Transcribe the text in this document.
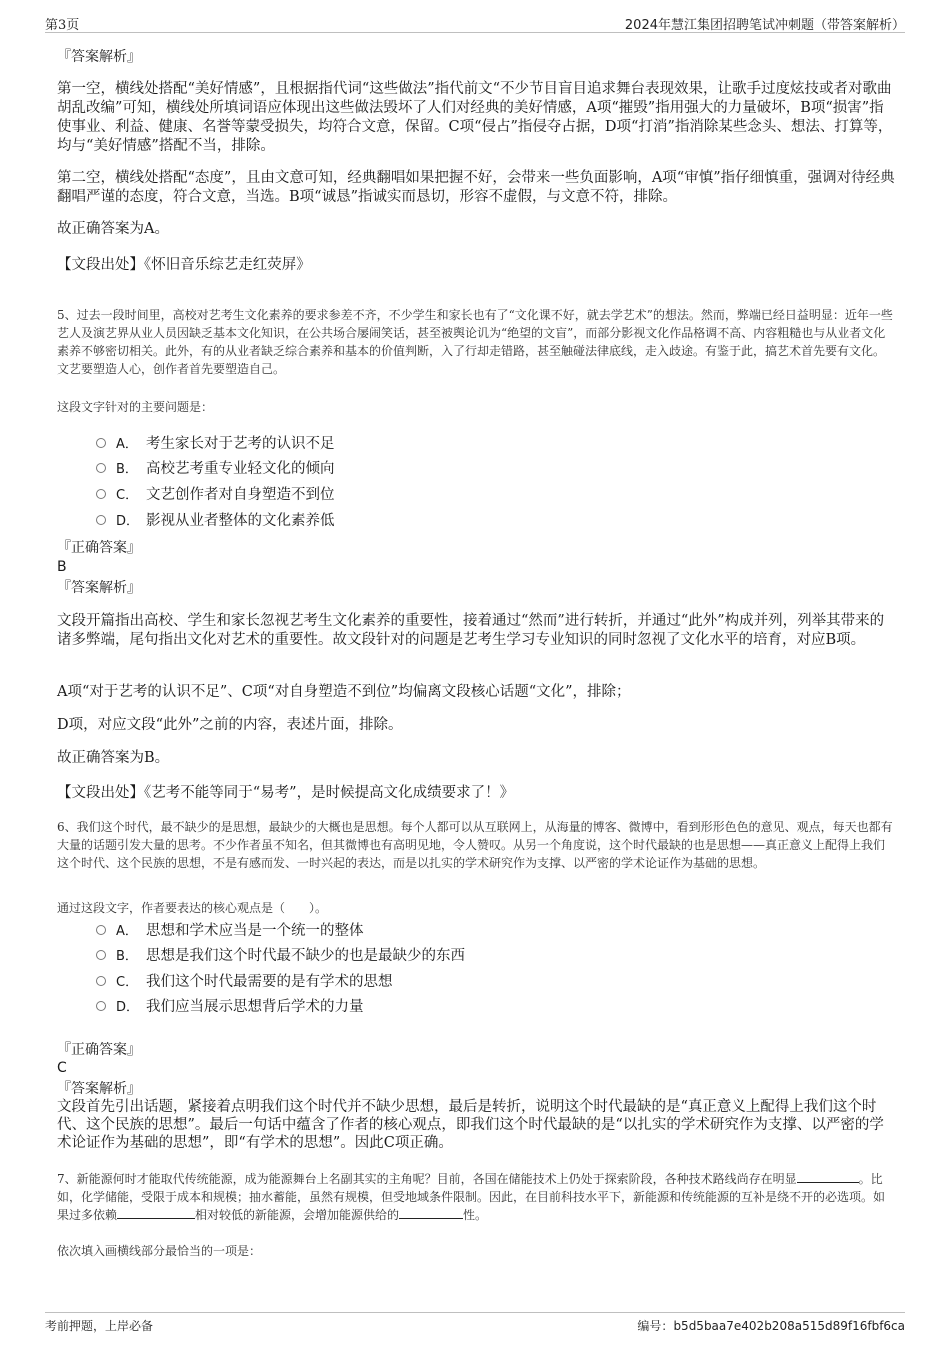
第3页	2024年慧江集团招聘笔试冲刺题（带答案解析）
『答案解析』
第一空，横线处搭配“美好情感”，且根据指代词“这些做法”指代前文“不少节目盲目追求舞台表现效果，让歌手过度炫技或者对歌曲胡乱改编”可知，横线处所填词语应体现出这些做法毁坏了人们对经典的美好情感，A项“摧毁”指用强大的力量破坏，B项“损害”指使事业、利益、健康、名誉等蒙受损失，均符合文意，保留。C项“侵占”指侵夺占据，D项“打消”指消除某些念头、想法、打算等，均与“美好情感”搭配不当，排除。
第二空，横线处搭配“态度”，且由文意可知，经典翻唱如果把握不好，会带来一些负面影响，A项“审慎”指仔细慎重，强调对待经典翻唱严谨的态度，符合文意，当选。B项“诚恳”指诚实而恳切，形容不虚假，与文意不符，排除。
故正确答案为A。
【文段出处】《怀旧音乐综艺走红荧屏》
5、过去一段时间里，高校对艺考生文化素养的要求参差不齐，不少学生和家长也有了“文化课不好，就去学艺术”的想法。然而，弊端已经日益明显：近年一些艺人及演艺界从业人员因缺乏基本文化知识，在公共场合屡闹笑话，甚至被舆论讥为“绝望的文盲”，而部分影视文化作品格调不高、内容粗糙也与从业者文化素养不够密切相关。此外，有的从业者缺乏综合素养和基本的价值判断，入了行却走错路，甚至触碰法律底线，走入歧途。有鉴于此，搞艺术首先要有文化。文艺要塑造人心，创作者首先要塑造自己。
这段文字针对的主要问题是：
A． 考生家长对于艺考的认识不足
B． 高校艺考重专业轻文化的倾向
C． 文艺创作者对自身塑造不到位
D． 影视从业者整体的文化素养低
『正确答案』
B
『答案解析』
文段开篇指出高校、学生和家长忽视艺考生文化素养的重要性，接着通过“然而”进行转折，并通过“此外”构成并列，列举其带来的诸多弊端，尾句指出文化对艺术的重要性。故文段针对的问题是艺考生学习专业知识的同时忽视了文化水平的培育，对应B项。
A项“对于艺考的认识不足”、C项“对自身塑造不到位”均偏离文段核心话题“文化”，排除；
D项，对应文段“此外”之前的内容，表述片面，排除。
故正确答案为B。
【文段出处】《艺考不能等同于“易考”，是时候提高文化成绩要求了！》
6、我们这个时代，最不缺少的是思想，最缺少的大概也是思想。每个人都可以从互联网上，从海量的博客、微博中，看到形形色色的意见、观点，每天也都有大量的话题引发大量的思考。不少作者虽不知名，但其微博也有高明见地，令人赞叹。从另一个角度说，这个时代最缺的也是思想——真正意义上配得上我们这个时代、这个民族的思想，不是有感而发、一时兴起的表达，而是以扎实的学术研究作为支撑、以严密的学术论证作为基础的思想。
通过这段文字，作者要表达的核心观点是（　　）。
A． 思想和学术应当是一个统一的整体
B． 思想是我们这个时代最不缺少的也是最缺少的东西
C． 我们这个时代最需要的是有学术的思想
D． 我们应当展示思想背后学术的力量
『正确答案』
C
『答案解析』
文段首先引出话题，紧接着点明我们这个时代并不缺少思想，最后是转折，说明这个时代最缺的是“真正意义上配得上我们这个时代、这个民族的思想”。最后一句话中蕴含了作者的核心观点，即我们这个时代最缺的是“以扎实的学术研究作为支撑、以严密的学术论证作为基础的思想”，即“有学术的思想”。因此C项正确。
7、新能源何时才能取代传统能源，成为能源舞台上名副其实的主角呢？目前，各国在储能技术上仍处于探索阶段，各种技术路线尚存在明显	。比如，化学储能，受限于成本和规模；抽水蓄能，虽然有规模，但受地域条件限制。因此，在目前科技水平下，新能源和传统能源的互补是绕不开的必选项。如果过多依赖	相对较低的新能源，会增加能源供给的	性。
依次填入画横线部分最恰当的一项是：
考前押题，上岸必备	编号：b5d5baa7e402b208a515d89f16fbf6ca
